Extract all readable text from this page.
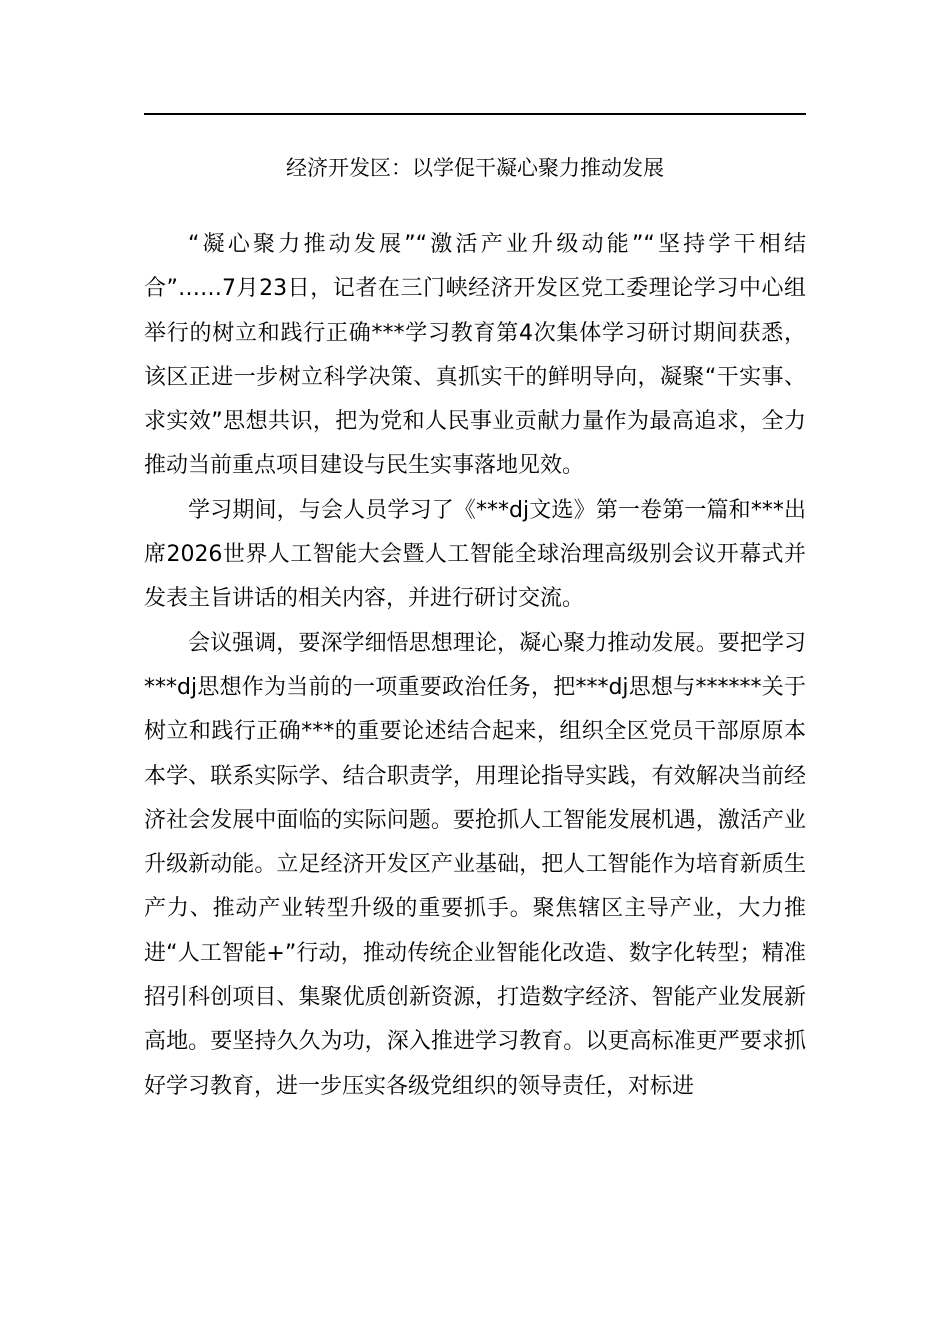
经济开发区：以学促干凝心聚力推动发展

“凝心聚力推动发展”“激活产业升级动能”“坚持学干相结合”……7月23日，记者在三门峡经济开发区党工委理论学习中心组举行的树立和践行正确***学习教育第4次集体学习研讨期间获悉，该区正进一步树立科学决策、真抓实干的鲜明导向，凝聚“干实事、求实效”思想共识，把为党和人民事业贡献力量作为最高追求，全力推动当前重点项目建设与民生实事落地见效。

学习期间，与会人员学习了《***dj文选》第一卷第一篇和***出席2026世界人工智能大会暨人工智能全球治理高级别会议开幕式并发表主旨讲话的相关内容，并进行研讨交流。

会议强调，要深学细悟思想理论，凝心聚力推动发展。要把学习***dj思想作为当前的一项重要政治任务，把***dj思想与******关于树立和践行正确***的重要论述结合起来，组织全区党员干部原原本本学、联系实际学、结合职责学，用理论指导实践，有效解决当前经济社会发展中面临的实际问题。要抢抓人工智能发展机遇，激活产业升级新动能。立足经济开发区产业基础，把人工智能作为培育新质生产力、推动产业转型升级的重要抓手。聚焦辖区主导产业，大力推进“人工智能+”行动，推动传统企业智能化改造、数字化转型；精准招引科创项目、集聚优质创新资源，打造数字经济、智能产业发展新高地。要坚持久久为功，深入推进学习教育。以更高标准更严要求抓好学习教育，进一步压实各级党组织的领导责任，对标进
